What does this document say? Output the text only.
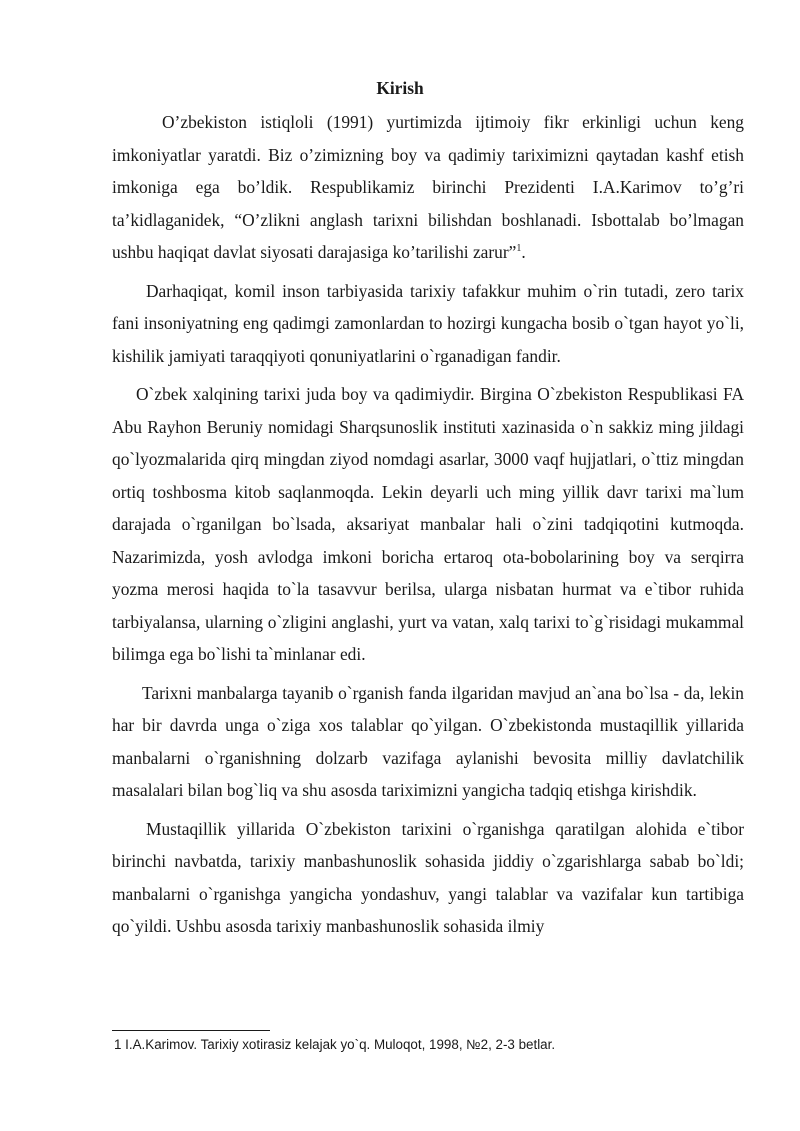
Kirish

O’zbekiston istiqloli (1991) yurtimizda ijtimoiy fikr erkinligi uchun keng imkoniyatlar yaratdi. Biz o’zimizning boy va qadimiy tariximizni qaytadan kashf etish imkoniga ega bo’ldik. Respublikamiz birinchi Prezidenti I.A.Karimov to’g’ri ta’kidlaganidek, “O’zlikni anglash tarixni bilishdan boshlanadi. Isbottalab bo’lmagan ushbu haqiqat davlat siyosati darajasiga ko’tarilishi zarur”$^1$.

Darhaqiqat, komil inson tarbiyasida tarixiy tafakkur muhim o`rin tutadi, zero tarix fani insoniyatning eng qadimgi zamonlardan to hozirgi kungacha bosib o`tgan hayot yo`li, kishilik jamiyati taraqqiyoti qonuniyatlarini o`rganadigan fandir.

O`zbek xalqining tarixi juda boy va qadimiydir. Birgina O`zbekiston Respublikasi FA Abu Rayhon Beruniy nomidagi Sharqsunoslik instituti xazinasida o`n sakkiz ming jildagi qo`lyozmalarida qirq mingdan ziyod nomdagi asarlar, 3000 vaqf hujjatlari, o`ttiz mingdan ortiq toshbosma kitob saqlanmoqda. Lekin deyarli uch ming yillik davr tarixi ma`lum darajada o`rganilgan bo`lsada, aksariyat manbalar hali o`zini tadqiqotini kutmoqda. Nazarimizda, yosh avlodga imkoni boricha ertaroq ota-bobolarining boy va serqirra yozma merosi haqida to`la tasavvur berilsa, ularga nisbatan hurmat va e`tibor ruhida tarbiyalansa, ularning o`zligini anglashi, yurt va vatan, xalq tarixi to`g`risidagi mukammal bilimga ega bo`lishi ta`minlanar edi.

Tarixni manbalarga tayanib o`rganish fanda ilgaridan mavjud an`ana bo`lsa - da, lekin har bir davrda unga o`ziga xos talablar qo`yilgan. O`zbekistonda mustaqillik yillarida manbalarni o`rganishning dolzarb vazifaga aylanishi bevosita milliy davlatchilik masalalari bilan bog`liq va shu asosda tariximizni yangicha tadqiq etishga kirishdik.

Mustaqillik yillarida O`zbekiston tarixini o`rganishga qaratilgan alohida e`tibor birinchi navbatda, tarixiy manbashunoslik sohasida jiddiy o`zgarishlarga sabab bo`ldi; manbalarni o`rganishga yangicha yondashuv, yangi talablar va vazifalar kun tartibiga qo`yildi. Ushbu asosda tarixiy manbashunoslik sohasida ilmiy

1 I.A.Karimov. Tarixiy xotirasiz kelajak yo`q. Muloqot, 1998, №2, 2-3 betlar.
